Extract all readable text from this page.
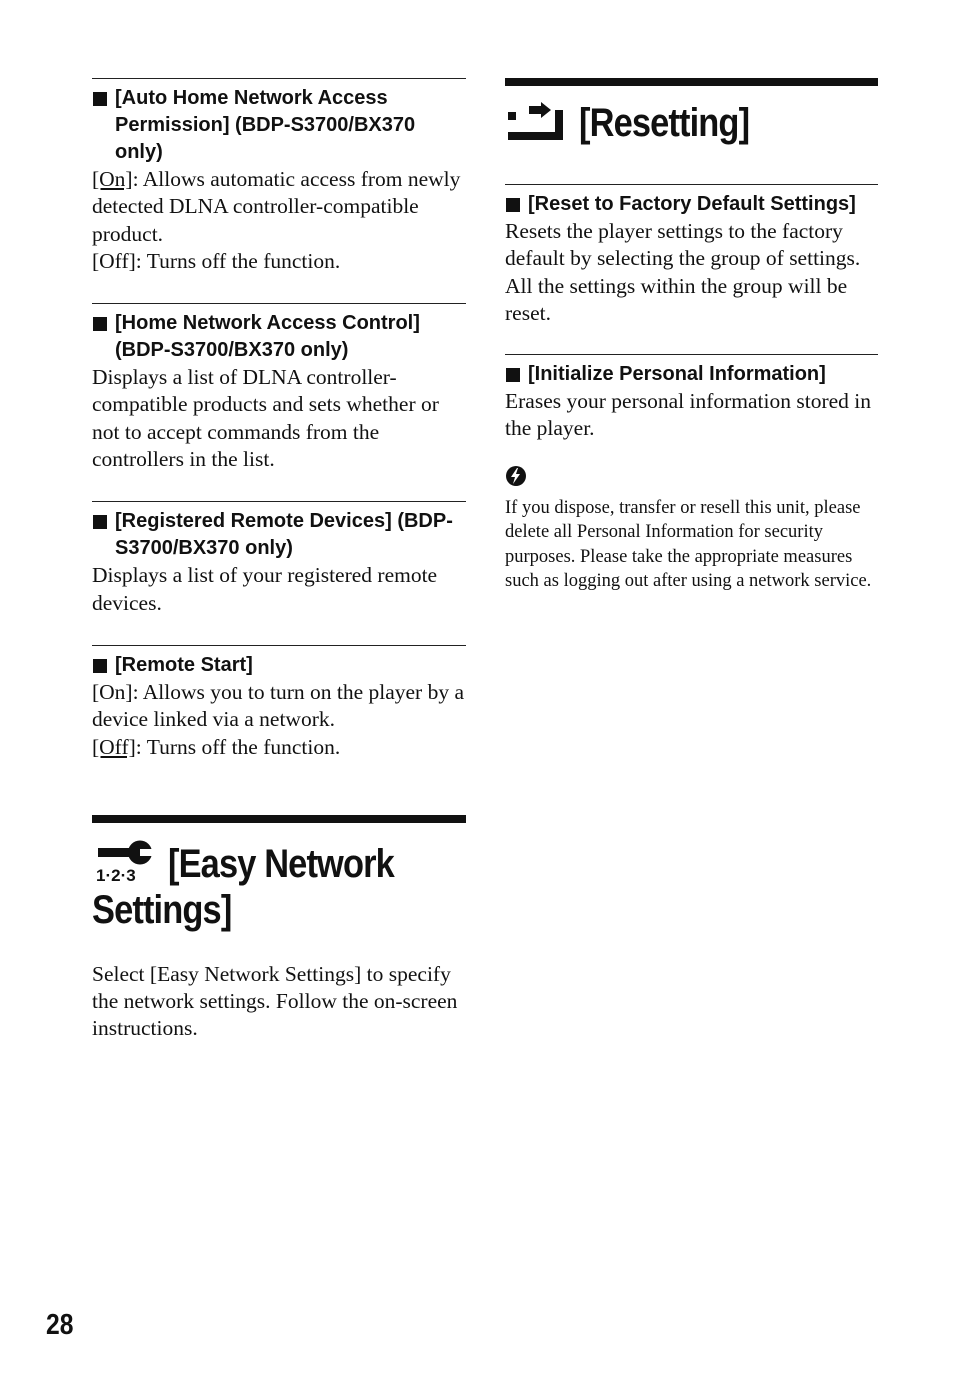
[Auto Home Network Access Permission] (BDP-S3700/BX370 only)

[On]: Allows automatic access from newly detected DLNA controller-compatible product.

[Off]: Turns off the function.

[Home Network Access Control] (BDP-S3700/BX370 only)

Displays a list of DLNA controller-compatible products and sets whether or not to accept commands from the controllers in the list.

[Registered Remote Devices] (BDP-S3700/BX370 only)

Displays a list of your registered remote devices.

[Remote Start]

[On]: Allows you to turn on the player by a device linked via a network.

[Off]: Turns off the function.

1·2·3 [Easy Network
Settings]
Select [Easy Network Settings] to specify the network settings. Follow the on-screen instructions.
[Resetting]
[Reset to Factory Default Settings]
Resets the player settings to the factory default by selecting the group of settings. All the settings within the group will be reset.
[Initialize Personal Information]
Erases your personal information stored in the player.
If you dispose, transfer or resell this unit, please delete all Personal Information for security purposes. Please take the appropriate measures such as logging out after using a network service.
28
